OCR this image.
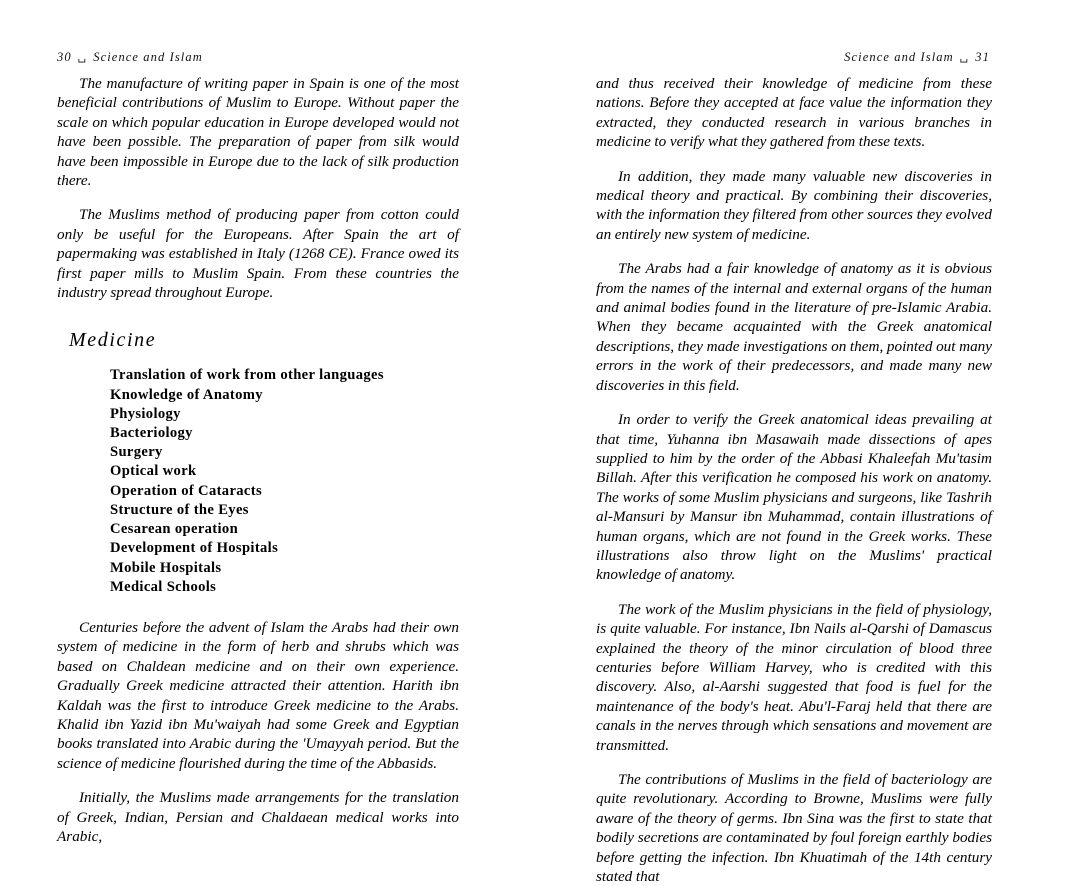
30 ␣ Science and Islam	Science and Islam ␣ 31

The manufacture of writing paper in Spain is one of the most beneficial contributions of Muslim to Europe. Without paper the scale on which popular education in Europe developed would not have been possible. The preparation of paper from silk would have been impossible in Europe due to the lack of silk production there.

The Muslims method of producing paper from cotton could only be useful for the Europeans. After Spain the art of papermaking was established in Italy (1268 CE). France owed its first paper mills to Muslim Spain. From these countries the industry spread throughout Europe.

Medicine
Translation of work from other languages
Knowledge of Anatomy
Physiology
Bacteriology
Surgery
Optical work
Operation of Cataracts
Structure of the Eyes
Cesarean operation
Development of Hospitals
Mobile Hospitals
Medical Schools

Centuries before the advent of Islam the Arabs had their own system of medicine in the form of herb and shrubs which was based on Chaldean medicine and on their own experience. Gradually Greek medicine attracted their attention. Harith ibn Kaldah was the first to introduce Greek medicine to the Arabs. Khalid ibn Yazid ibn Mu'waiyah had some Greek and Egyptian books translated into Arabic during the 'Umayyah period. But the science of medicine flourished during the time of the Abbasids.

Initially, the Muslims made arrangements for the translation of Greek, Indian, Persian and Chaldaean medical works into Arabic,

and thus received their knowledge of medicine from these nations. Before they accepted at face value the information they extracted, they conducted research in various branches in medicine to verify what they gathered from these texts.

In addition, they made many valuable new discoveries in medical theory and practical. By combining their discoveries, with the information they filtered from other sources they evolved an entirely new system of medicine.

The Arabs had a fair knowledge of anatomy as it is obvious from the names of the internal and external organs of the human and animal bodies found in the literature of pre-Islamic Arabia. When they became acquainted with the Greek anatomical descriptions, they made investigations on them, pointed out many errors in the work of their predecessors, and made many new discoveries in this field.

In order to verify the Greek anatomical ideas prevailing at that time, Yuhanna ibn Masawaih made dissections of apes supplied to him by the order of the Abbasi Khaleefah Mu'tasim Billah. After this verification he composed his work on anatomy. The works of some Muslim physicians and surgeons, like Tashrih al-Mansuri by Mansur ibn Muhammad, contain illustrations of human organs, which are not found in the Greek works. These illustrations also throw light on the Muslims' practical knowledge of anatomy.

The work of the Muslim physicians in the field of physiology, is quite valuable. For instance, Ibn Nails al-Qarshi of Damascus explained the theory of the minor circulation of blood three centuries before William Harvey, who is credited with this discovery. Also, al-Aarshi suggested that food is fuel for the maintenance of the body's heat. Abu'l-Faraj held that there are canals in the nerves through which sensations and movement are transmitted.

The contributions of Muslims in the field of bacteriology are quite revolutionary. According to Browne, Muslims were fully aware of the theory of germs. Ibn Sina was the first to state that bodily secretions are contaminated by foul foreign earthly bodies before getting the infection. Ibn Khuatimah of the 14th century stated that
